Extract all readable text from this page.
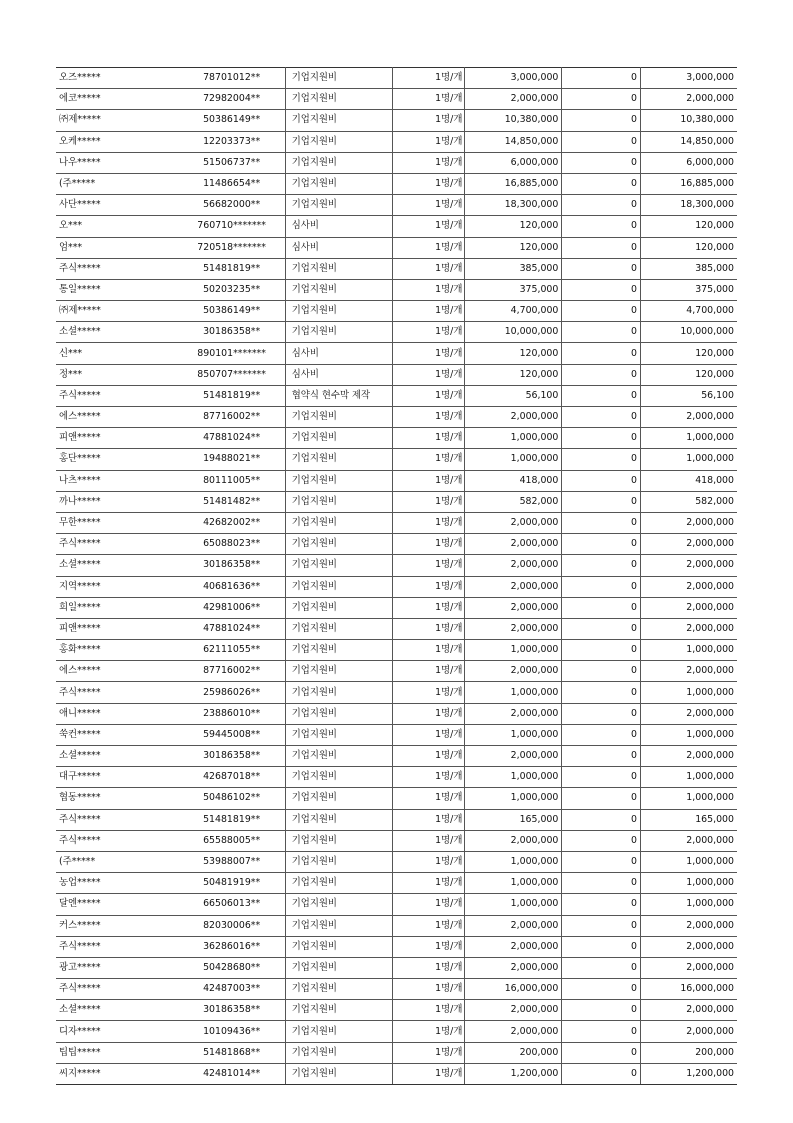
오즈*****	78701012**	기업지원비	1명/개	3,000,000	0	3,000,000
에코*****	72982004**	기업지원비	1명/개	2,000,000	0	2,000,000
㈜제*****	50386149**	기업지원비	1명/개	10,380,000	0	10,380,000
오케*****	12203373**	기업지원비	1명/개	14,850,000	0	14,850,000
나우*****	51506737**	기업지원비	1명/개	6,000,000	0	6,000,000
(주*****	11486654**	기업지원비	1명/개	16,885,000	0	16,885,000
사단*****	56682000**	기업지원비	1명/개	18,300,000	0	18,300,000
오***	760710*******	심사비	1명/개	120,000	0	120,000
엄***	720518*******	심사비	1명/개	120,000	0	120,000
주식*****	51481819**	기업지원비	1명/개	385,000	0	385,000
통일*****	50203235**	기업지원비	1명/개	375,000	0	375,000
㈜제*****	50386149**	기업지원비	1명/개	4,700,000	0	4,700,000
소셜*****	30186358**	기업지원비	1명/개	10,000,000	0	10,000,000
신***	890101*******	심사비	1명/개	120,000	0	120,000
정***	850707*******	심사비	1명/개	120,000	0	120,000
주식*****	51481819**	협약식 현수막 제작	1명/개	56,100	0	56,100
에스*****	87716002**	기업지원비	1명/개	2,000,000	0	2,000,000
피앤*****	47881024**	기업지원비	1명/개	1,000,000	0	1,000,000
홍단*****	19488021**	기업지원비	1명/개	1,000,000	0	1,000,000
나츠*****	80111005**	기업지원비	1명/개	418,000	0	418,000
까나*****	51481482**	기업지원비	1명/개	582,000	0	582,000
무한*****	42682002**	기업지원비	1명/개	2,000,000	0	2,000,000
주식*****	65088023**	기업지원비	1명/개	2,000,000	0	2,000,000
소셜*****	30186358**	기업지원비	1명/개	2,000,000	0	2,000,000
지역*****	40681636**	기업지원비	1명/개	2,000,000	0	2,000,000
희일*****	42981006**	기업지원비	1명/개	2,000,000	0	2,000,000
피앤*****	47881024**	기업지원비	1명/개	2,000,000	0	2,000,000
홍화*****	62111055**	기업지원비	1명/개	1,000,000	0	1,000,000
에스*****	87716002**	기업지원비	1명/개	2,000,000	0	2,000,000
주식*****	25986026**	기업지원비	1명/개	1,000,000	0	1,000,000
애니*****	23886010**	기업지원비	1명/개	2,000,000	0	2,000,000
쑥컨*****	59445008**	기업지원비	1명/개	1,000,000	0	1,000,000
소셜*****	30186358**	기업지원비	1명/개	2,000,000	0	2,000,000
대구*****	42687018**	기업지원비	1명/개	1,000,000	0	1,000,000
협동*****	50486102**	기업지원비	1명/개	1,000,000	0	1,000,000
주식*****	51481819**	기업지원비	1명/개	165,000	0	165,000
주식*****	65588005**	기업지원비	1명/개	2,000,000	0	2,000,000
(주*****	53988007**	기업지원비	1명/개	1,000,000	0	1,000,000
농업*****	50481919**	기업지원비	1명/개	1,000,000	0	1,000,000
달엔*****	66506013**	기업지원비	1명/개	1,000,000	0	1,000,000
커스*****	82030006**	기업지원비	1명/개	2,000,000	0	2,000,000
주식*****	36286016**	기업지원비	1명/개	2,000,000	0	2,000,000
광고*****	50428680**	기업지원비	1명/개	2,000,000	0	2,000,000
주식*****	42487003**	기업지원비	1명/개	16,000,000	0	16,000,000
소셜*****	30186358**	기업지원비	1명/개	2,000,000	0	2,000,000
디자*****	10109436**	기업지원비	1명/개	2,000,000	0	2,000,000
팁팁*****	51481868**	기업지원비	1명/개	200,000	0	200,000
씨지*****	42481014**	기업지원비	1명/개	1,200,000	0	1,200,000
